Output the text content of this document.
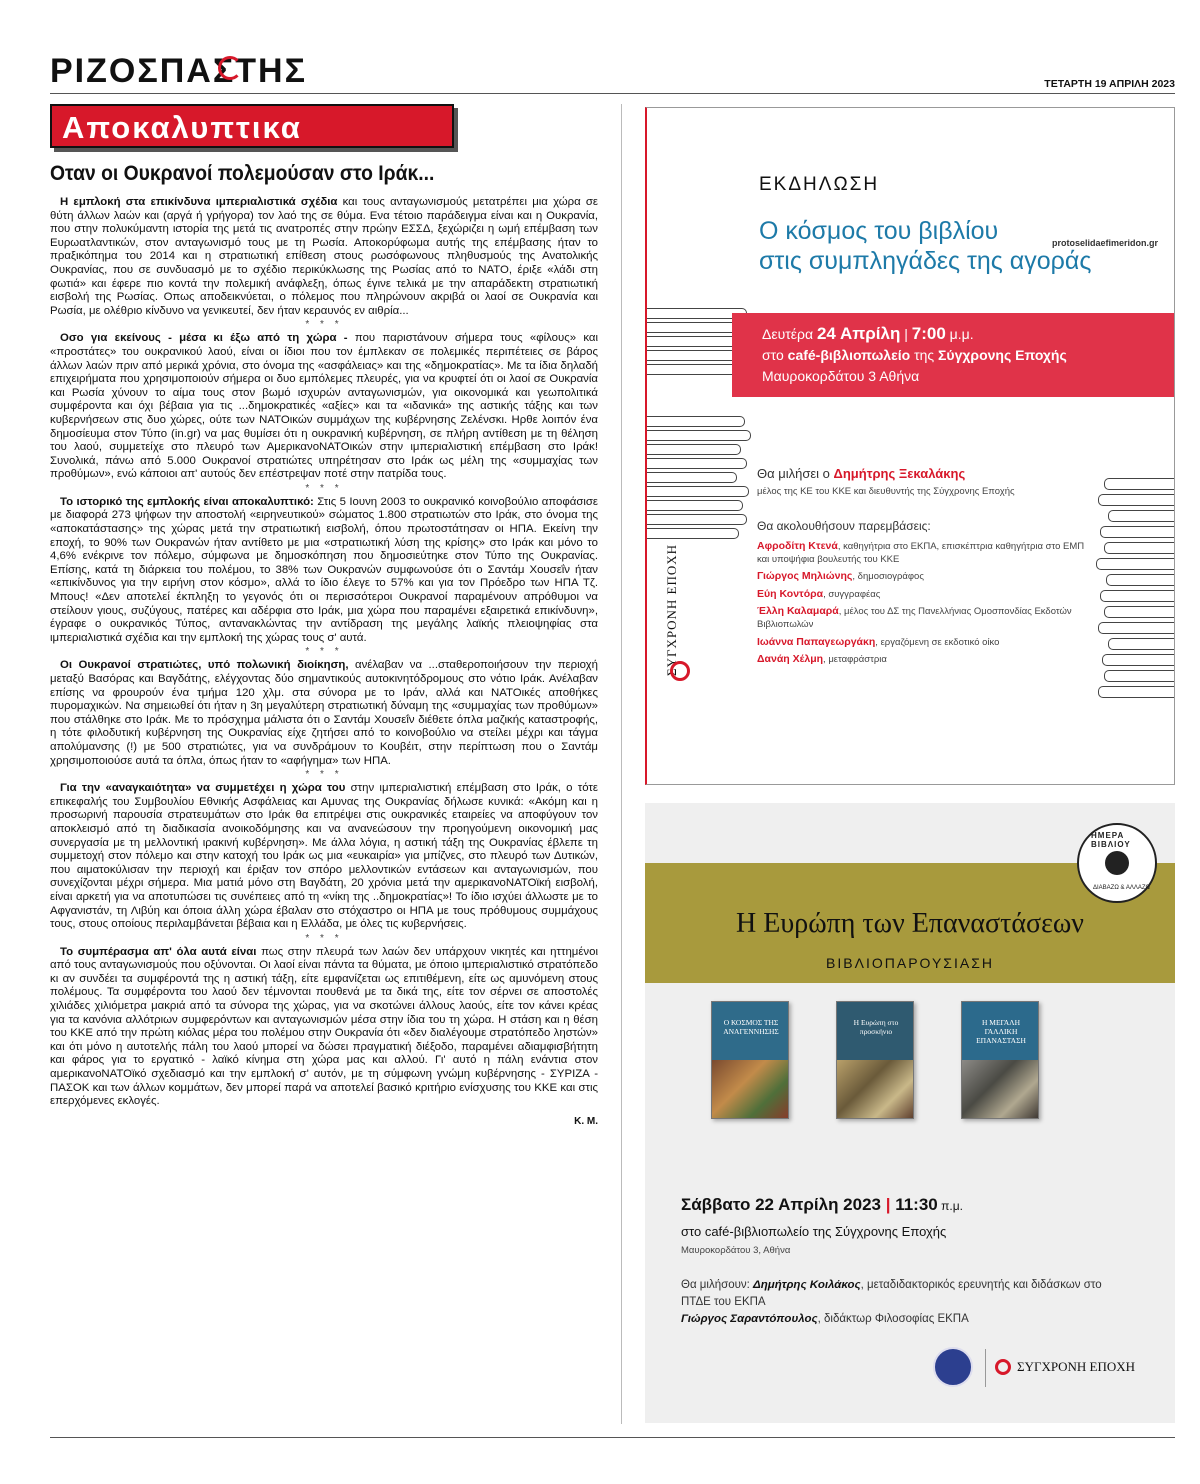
ΡΙΖΟΣΠΑΣΤΗΣ	ΤΕΤΑΡΤΗ 19 ΑΠΡΙΛΗ 2023
Αποκαλυπτικα
Οταν οι Ουκρανοί πολεμούσαν στο Ιράκ...

Η εμπλοκή στα επικίνδυνα ιμπεριαλιστικά σχέδια και τους ανταγωνισμούς μετατρέπει μια χώρα σε θύτη άλλων λαών και (αργά ή γρήγορα) τον λαό της σε θύμα. Ενα τέτοιο παράδειγμα είναι και η Ουκρανία, που στην πολυκύμαντη ιστορία της μετά τις ανατροπές στην πρώην ΕΣΣΔ, ξεχώριζει η ωμή επέμβαση των Ευρωατλαντικών, στον ανταγωνισμό τους με τη Ρωσία. Αποκορύφωμα αυτής της επέμβασης ήταν το πραξικόπημα του 2014 και η στρατιωτική επίθεση στους ρωσόφωνους πληθυσμούς της Ανατολικής Ουκρανίας, που σε συνδυασμό με το σχέδιο περικύκλωσης της Ρωσίας από το ΝΑΤΟ, έριξε «λάδι στη φωτιά» και έφερε πιο κοντά την πολεμική ανάφλεξη, όπως έγινε τελικά με την απαράδεκτη στρατιωτική εισβολή της Ρωσίας. Οπως αποδεικνύεται, ο πόλεμος που πληρώνουν ακριβά οι λαοί σε Ουκρανία και Ρωσία, με ολέθριο κίνδυνο να γενικευτεί, δεν ήταν κεραυνός εν αιθρία...

* * *

Οσο για εκείνους - μέσα κι έξω από τη χώρα - που παριστάνουν σήμερα τους «φίλους» και «προστάτες» του ουκρανικού λαού, είναι οι ίδιοι που τον έμπλεκαν σε πολεμικές περιπέτειες σε βάρος άλλων λαών πριν από μερικά χρόνια, στο όνομα της «ασφάλειας» και της «δημοκρατίας». Με τα ίδια δηλαδή επιχειρήματα που χρησιμοποιούν σήμερα οι δυο εμπόλεμες πλευρές, για να κρυφτεί ότι οι λαοί σε Ουκρανία και Ρωσία χύνουν το αίμα τους στον βωμό ισχυρών ανταγωνισμών, για οικονομικά και γεωπολιτικά συμφέροντα και όχι βέβαια για τις ...δημοκρατικές «αξίες» και τα «ιδανικά» της αστικής τάξης και των κυβερνήσεων στις δυο χώρες, ούτε των ΝΑΤΟικών συμμάχων της κυβέρνησης Ζελένσκι. Ηρθε λοιπόν ένα δημοσίευμα στον Τύπο (in.gr) να μας θυμίσει ότι η ουκρανική κυβέρνηση, σε πλήρη αντίθεση με τη θέληση του λαού, συμμετείχε στο πλευρό των ΑμερικανοΝΑΤΟικών στην ιμπεριαλιστική επέμβαση στο Ιράκ! Συνολικά, πάνω από 5.000 Ουκρανοί στρατιώτες υπηρέτησαν στο Ιράκ ως μέλη της «συμμαχίας των προθύμων», ενώ κάποιοι απ' αυτούς δεν επέστρεψαν ποτέ στην πατρίδα τους.

* * *

Το ιστορικό της εμπλοκής είναι αποκαλυπτικό: Στις 5 Ιουνη 2003 το ουκρανικό κοινοβούλιο αποφάσισε με διαφορά 273 ψήφων την αποστολή «ειρηνευτικού» σώματος 1.800 στρατιωτών στο Ιράκ, στο όνομα της «αποκατάστασης» της χώρας μετά την στρατιωτική εισβολή, όπου πρωτοστάτησαν οι ΗΠΑ. Εκείνη την εποχή, το 90% των Ουκρανών ήταν αντίθετο με μια «στρατιωτική λύση της κρίσης» στο Ιράκ και μόνο το 4,6% ενέκρινε τον πόλεμο, σύμφωνα με δημοσκόπηση που δημοσιεύτηκε στον Τύπο της Ουκρανίας. Επίσης, κατά τη διάρκεια του πολέμου, το 38% των Ουκρανών συμφωνούσε ότι ο Σαντάμ Χουσεΐν ήταν «επικίνδυνος για την ειρήνη στον κόσμο», αλλά το ίδιο έλεγε το 57% και για τον Πρόεδρο των ΗΠΑ Τζ. Μπους! «Δεν αποτελεί έκπληξη το γεγονός ότι οι περισσότεροι Ουκρανοί παραμένουν απρόθυμοι να στείλουν γιους, συζύγους, πατέρες και αδέρφια στο Ιράκ, μια χώρα που παραμένει εξαιρετικά επικίνδυνη», έγραφε ο ουκρανικός Τύπος, αντανακλώντας την αντίδραση της μεγάλης λαϊκής πλειοψηφίας στα ιμπεριαλιστικά σχέδια και την εμπλοκή της χώρας τους σ' αυτά.

* * *

Οι Ουκρανοί στρατιώτες, υπό πολωνική διοίκηση, ανέλαβαν να ...σταθεροποιήσουν την περιοχή μεταξύ Βασόρας και Βαγδάτης, ελέγχοντας δύο σημαντικούς αυτοκινητόδρομους στο νότιο Ιράκ. Ανέλαβαν επίσης να φρουρούν ένα τμήμα 120 χλμ. στα σύνορα με το Ιράν, αλλά και ΝΑΤΟικές αποθήκες πυρομαχικών. Να σημειωθεί ότι ήταν η 3η μεγαλύτερη στρατιωτική δύναμη της «συμμαχίας των προθύμων» που στάλθηκε στο Ιράκ. Με το πρόσχημα μάλιστα ότι ο Σαντάμ Χουσεΐν διέθετε όπλα μαζικής καταστροφής, η τότε φιλοδυτική κυβέρνηση της Ουκρανίας είχε ζητήσει από το κοινοβούλιο να στείλει μέχρι και τάγμα απολύμανσης (!) με 500 στρατιώτες, για να συνδράμουν το Κουβέιτ, στην περίπτωση που ο Σαντάμ χρησιμοποιούσε αυτά τα όπλα, όπως ήταν το «αφήγημα» των ΗΠΑ.

* * *

Για την «αναγκαιότητα» να συμμετέχει η χώρα του στην ιμπεριαλιστική επέμβαση στο Ιράκ, ο τότε επικεφαλής του Συμβουλίου Εθνικής Ασφάλειας και Αμυνας της Ουκρανίας δήλωσε κυνικά: «Ακόμη και η προσωρινή παρουσία στρατευμάτων στο Ιράκ θα επιτρέψει στις ουκρανικές εταιρείες να αποφύγουν τον αποκλεισμό από τη διαδικασία ανοικοδόμησης και να ανανεώσουν την προηγούμενη οικονομική μας συνεργασία με τη μελλοντική ιρακινή κυβέρνηση». Με άλλα λόγια, η αστική τάξη της Ουκρανίας έβλεπε τη συμμετοχή στον πόλεμο και στην κατοχή του Ιράκ ως μια «ευκαιρία» για μπίζνες, στο πλευρό των Δυτικών, που αιματοκύλισαν την περιοχή και έριξαν τον σπόρο μελλοντικών εντάσεων και ανταγωνισμών, που συνεχίζονται μέχρι σήμερα. Μια ματιά μόνο στη Βαγδάτη, 20 χρόνια μετά την αμερικανοΝΑΤΟϊκή εισβολή, είναι αρκετή για να αποτυπώσει τις συνέπειες από τη «νίκη της ..δημοκρατίας»! Το ίδιο ισχύει άλλωστε με το Αφγανιστάν, τη Λιβύη και όποια άλλη χώρα έβαλαν στο στόχαστρο οι ΗΠΑ με τους πρόθυμους συμμάχους τους, στους οποίους περιλαμβάνεται βέβαια και η Ελλάδα, με όλες τις κυβερνήσεις.

* * *

Το συμπέρασμα απ' όλα αυτά είναι πως στην πλευρά των λαών δεν υπάρχουν νικητές και ηττημένοι από τους ανταγωνισμούς που οξύνονται. Οι λαοί είναι πάντα τα θύματα, με όποιο ιμπεριαλιστικό στρατόπεδο κι αν συνδέει τα συμφέροντά της η αστική τάξη, είτε εμφανίζεται ως επιτιθέμενη, είτε ως αμυνόμενη στους πολέμους. Τα συμφέροντα του λαού δεν τέμνονται πουθενά με τα δικά της, είτε τον σέρνει σε αποστολές χιλιάδες χιλιόμετρα μακριά από τα σύνορα της χώρας, για να σκοτώνει άλλους λαούς, είτε τον κάνει κρέας για τα κανόνια αλλότριων συμφερόντων και ανταγωνισμών μέσα στην ίδια του τη χώρα. Η στάση και η θέση του ΚΚΕ από την πρώτη κιόλας μέρα του πολέμου στην Ουκρανία ότι «δεν διαλέγουμε στρατόπεδο ληστών» και ότι μόνο η αυτοτελής πάλη του λαού μπορεί να δώσει πραγματική διέξοδο, παραμένει αδιαμφισβήτητη και φάρος για το εργατικό - λαϊκό κίνημα στη χώρα μας και αλλού. Γι' αυτό η πάλη ενάντια στον αμερικανοΝΑΤΟϊκό σχεδιασμό και την εμπλοκή σ' αυτόν, με τη σύμφωνη γνώμη κυβέρνησης - ΣΥΡΙΖΑ - ΠΑΣΟΚ και των άλλων κομμάτων, δεν μπορεί παρά να αποτελεί βασικό κριτήριο ενίσχυσης του ΚΚΕ και στις επερχόμενες εκλογές.

Κ. Μ.
ΕΚΔΗΛΩΣΗ
Ο κόσμος του βιβλίου
στις συμπληγάδες της αγοράς
protoselidaefimeridon.gr
Δευτέρα 24 Απρίλη | 7:00 μ.μ.
στο café-βιβλιοπωλείο της Σύγχρονης Εποχής
Μαυροκορδάτου 3 Αθήνα
Θα μιλήσει ο Δημήτρης Ξεκαλάκης
μέλος της ΚΕ του ΚΚΕ και διευθυντής της Σύγχρονης Εποχής
Θα ακολουθήσουν παρεμβάσεις:
Αφροδίτη Κτενά, καθηγήτρια στο ΕΚΠΑ, επισκέπτρια καθηγήτρια στο ΕΜΠ και υποψήφια βουλευτής του ΚΚΕ
Γιώργος Μηλιώνης, δημοσιογράφος
Εύη Κοντόρα, συγγραφέας
Έλλη Καλαμαρά, μέλος του ΔΣ της Πανελλήνιας Ομοσπονδίας Εκδοτών Βιβλιοπωλών
Ιωάννα Παπαγεωργάκη, εργαζόμενη σε εκδοτικό οίκο
Δανάη Χέλμη, μεταφράστρια
ΣΥΓΧΡΟΝΗ ΕΠΟΧΗ
ΗΜΕΡΑ ΒΙΒΛΙΟΥ
ΔΙΑΒΑΖΩ & ΑΛΛΑΖΩ
Η Ευρώπη των Επαναστάσεων
ΒΙΒΛΙΟΠΑΡΟΥΣΙΑΣΗ
Ο ΚΟΣΜΟΣ ΤΗΣ ΑΝΑΓΕΝΝΗΣΗΣ
Η Ευρώπη στο προσκήνιο
Η ΜΕΓΑΛΗ ΓΑΛΛΙΚΗ ΕΠΑΝΑΣΤΑΣΗ
Σάββατο 22 Απρίλη 2023 | 11:30 π.μ.
στο café-βιβλιοπωλείο της Σύγχρονης Εποχής
Μαυροκορδάτου 3, Αθήνα
Θα μιλήσουν: Δημήτρης Κοιλάκος, μεταδιδακτορικός ερευνητής και διδάσκων στο ΠΤΔΕ του ΕΚΠΑ
Γιώργος Σαραντόπουλος, διδάκτωρ Φιλοσοφίας ΕΚΠΑ
ΣΥΓΧΡΟΝΗ ΕΠΟΧΗ
